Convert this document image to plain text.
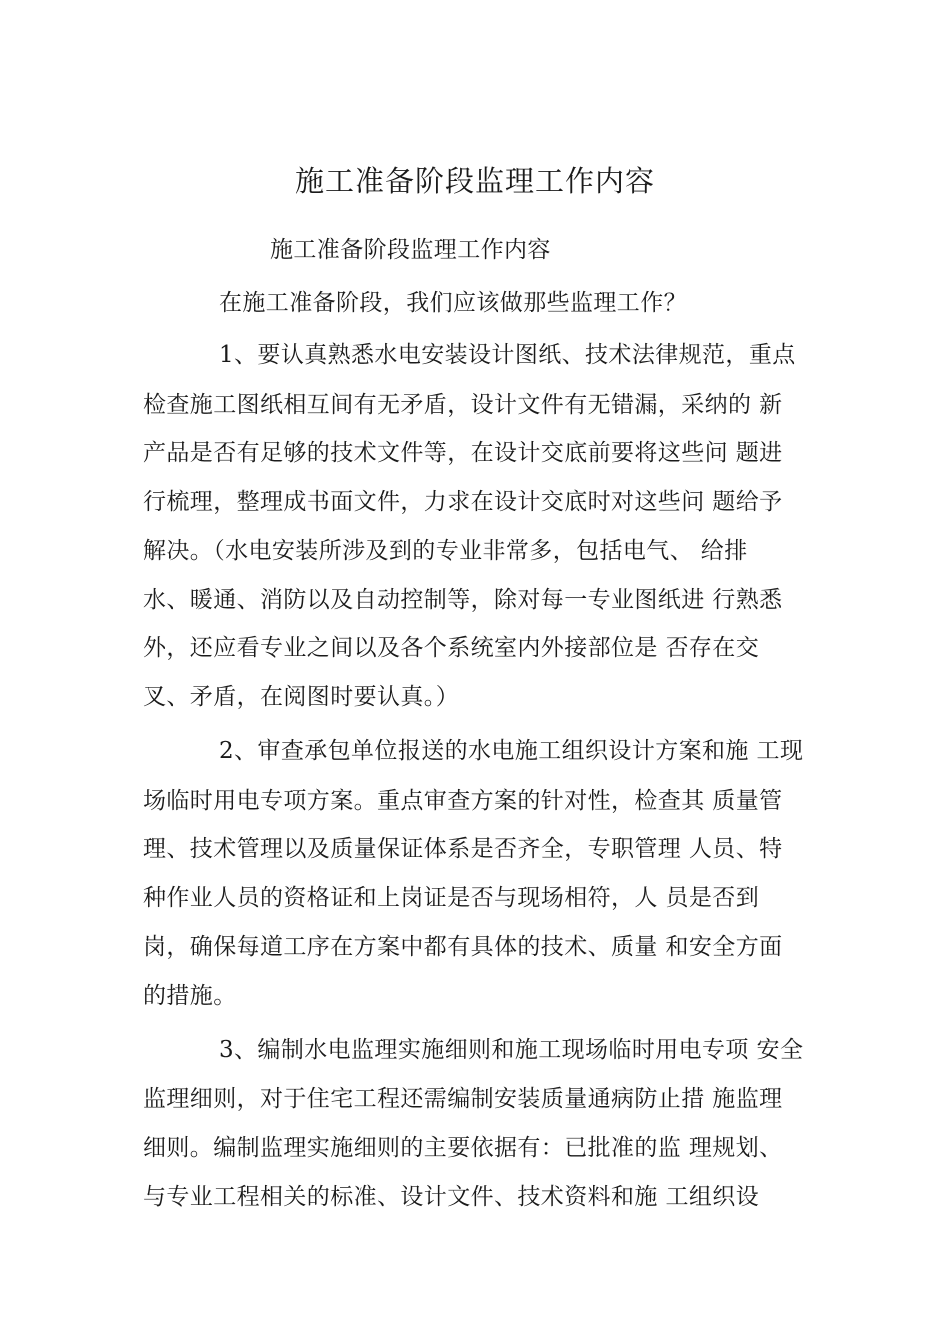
施工准备阶段监理工作内容
施工准备阶段监理工作内容
在施工准备阶段，我们应该做那些监理工作？
1、要认真熟悉水电安装设计图纸、技术法律规范，重点
检查施工图纸相互间有无矛盾，设计文件有无错漏，采纳的 新
产品是否有足够的技术文件等，在设计交底前要将这些问 题进
行梳理，整理成书面文件，力求在设计交底时对这些问 题给予
解决。（水电安装所涉及到的专业非常多，包括电气、 给排
水、暖通、消防以及自动控制等，除对每一专业图纸进 行熟悉
外，还应看专业之间以及各个系统室内外接部位是 否存在交
叉、矛盾，在阅图时要认真。）
2、审查承包单位报送的水电施工组织设计方案和施 工现
场临时用电专项方案。重点审查方案的针对性，检查其 质量管
理、技术管理以及质量保证体系是否齐全，专职管理 人员、特
种作业人员的资格证和上岗证是否与现场相符，人 员是否到
岗，确保每道工序在方案中都有具体的技术、质量 和安全方面
的措施。
3、编制水电监理实施细则和施工现场临时用电专项 安全
监理细则，对于住宅工程还需编制安装质量通病防止措 施监理
细则。编制监理实施细则的主要依据有：已批准的监 理规划、
与专业工程相关的标准、设计文件、技术资料和施 工组织设
